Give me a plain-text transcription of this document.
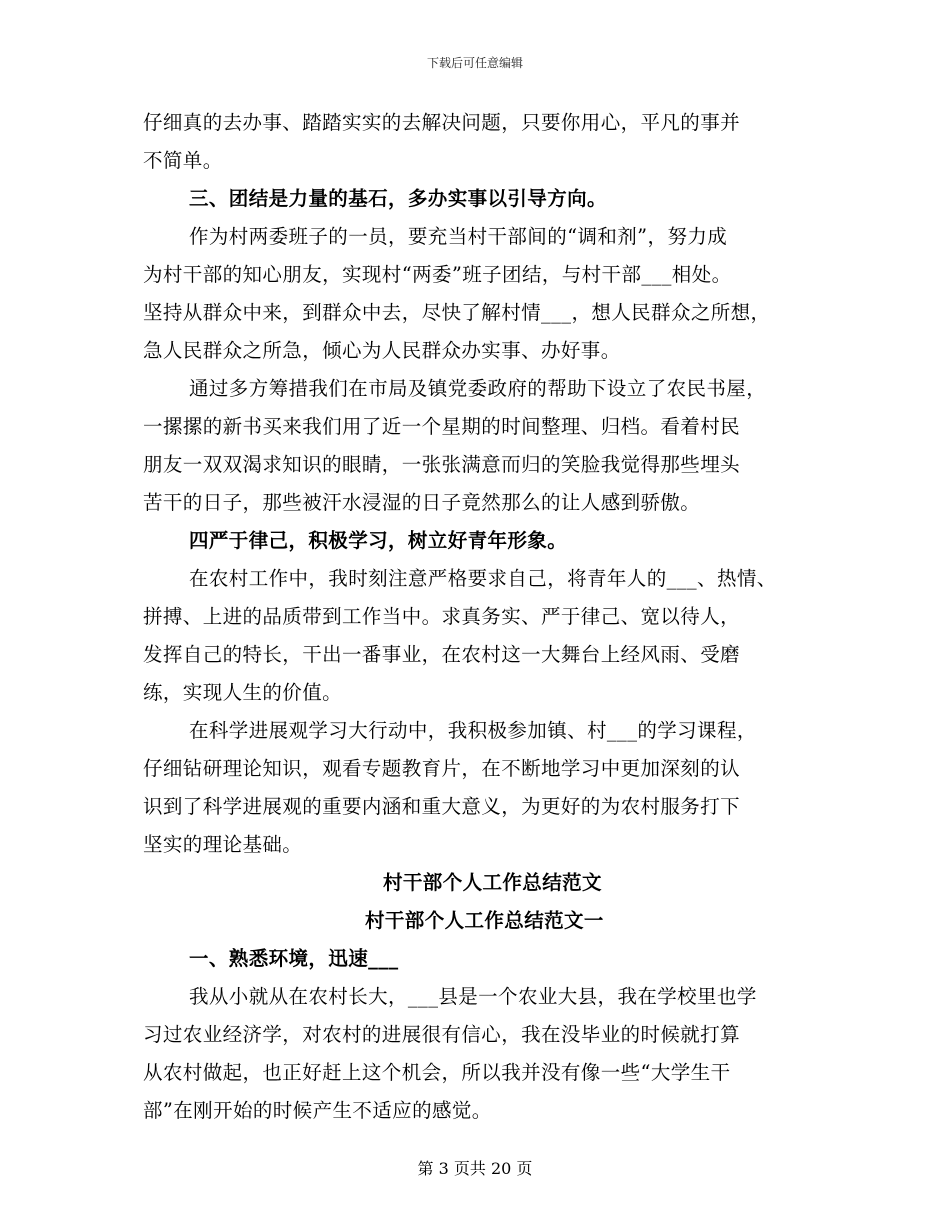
下载后可任意编辑
仔细真的去办事、踏踏实实的去解决问题，只要你用心，平凡的事并
不简单。
三、团结是力量的基石，多办实事以引导方向。
作为村两委班子的一员，要充当村干部间的“调和剂”，努力成
为村干部的知心朋友，实现村“两委”班子团结，与村干部___相处。
坚持从群众中来，到群众中去，尽快了解村情___，想人民群众之所想，
急人民群众之所急，倾心为人民群众办实事、办好事。
通过多方筹措我们在市局及镇党委政府的帮助下设立了农民书屋，
一摞摞的新书买来我们用了近一个星期的时间整理、归档。看着村民
朋友一双双渴求知识的眼睛，一张张满意而归的笑脸我觉得那些埋头
苦干的日子，那些被汗水浸湿的日子竟然那么的让人感到骄傲。
四严于律己，积极学习，树立好青年形象。
在农村工作中，我时刻注意严格要求自己，将青年人的___、热情、
拼搏、上进的品质带到工作当中。求真务实、严于律己、宽以待人，
发挥自己的特长，干出一番事业，在农村这一大舞台上经风雨、受磨
练，实现人生的价值。
在科学进展观学习大行动中，我积极参加镇、村___的学习课程，
仔细钻研理论知识，观看专题教育片，在不断地学习中更加深刻的认
识到了科学进展观的重要内涵和重大意义，为更好的为农村服务打下
坚实的理论基础。
村干部个人工作总结范文
村干部个人工作总结范文一
一、熟悉环境，迅速___
我从小就从在农村长大，___县是一个农业大县，我在学校里也学
习过农业经济学，对农村的进展很有信心，我在没毕业的时候就打算
从农村做起，也正好赶上这个机会，所以我并没有像一些“大学生干
部”在刚开始的时候产生不适应的感觉。
第 3 页共 20 页
